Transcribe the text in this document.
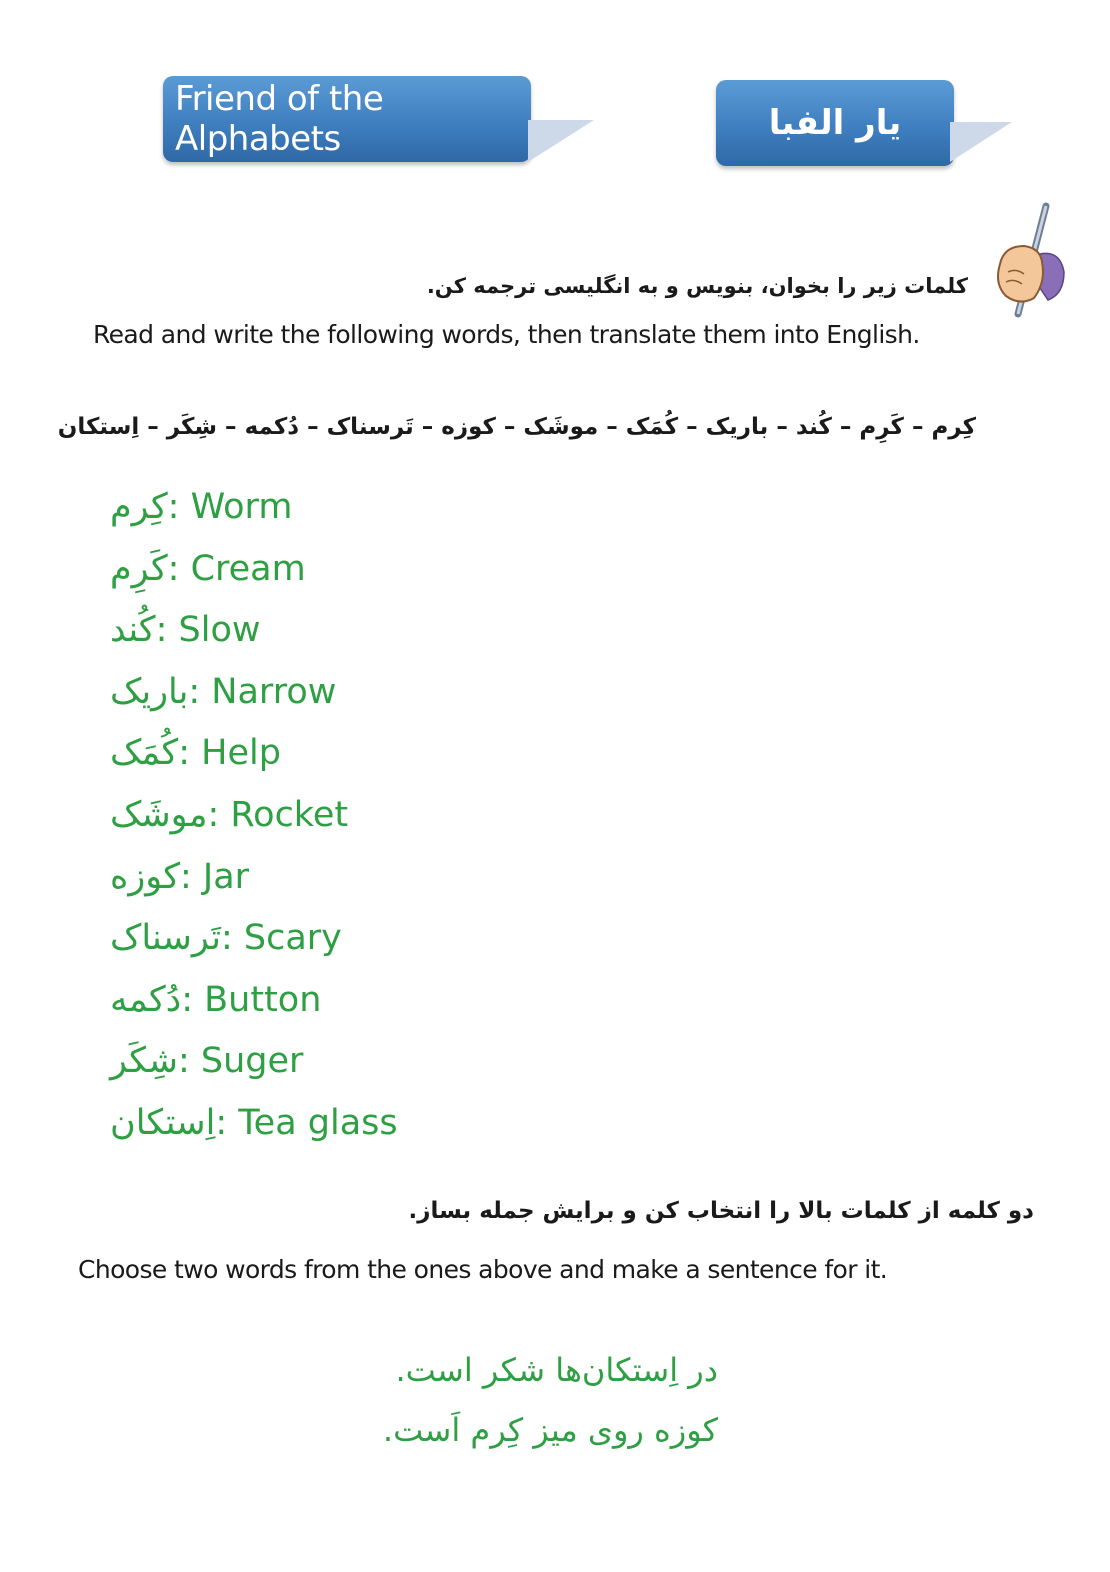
Friend of the Alphabets	یار الفبا
کلمات زیر را بخوان، بنویس و به انگلیسی ترجمه کن.
Read and write the following words, then translate them into English.
کِرم – کَرِم – کُند – باریک – کُمَک – موشَک – کوزه – تَرسناک – دُکمه – شِکَر – اِستکان
کِرم: Worm
کَرِم: Cream
کُند: Slow
باریک: Narrow
کُمَک: Help
موشَک: Rocket
کوزه: Jar
تَرسناک: Scary
دُکمه: Button
شِکَر: Suger
اِستکان: Tea glass
دو کلمه از کلمات بالا را انتخاب کن و برایش جمله بساز.
Choose two words from the ones above and make a sentence for it.
در اِستکان‌ها شکر است.
کوزه روی میز کِرم اَست.
